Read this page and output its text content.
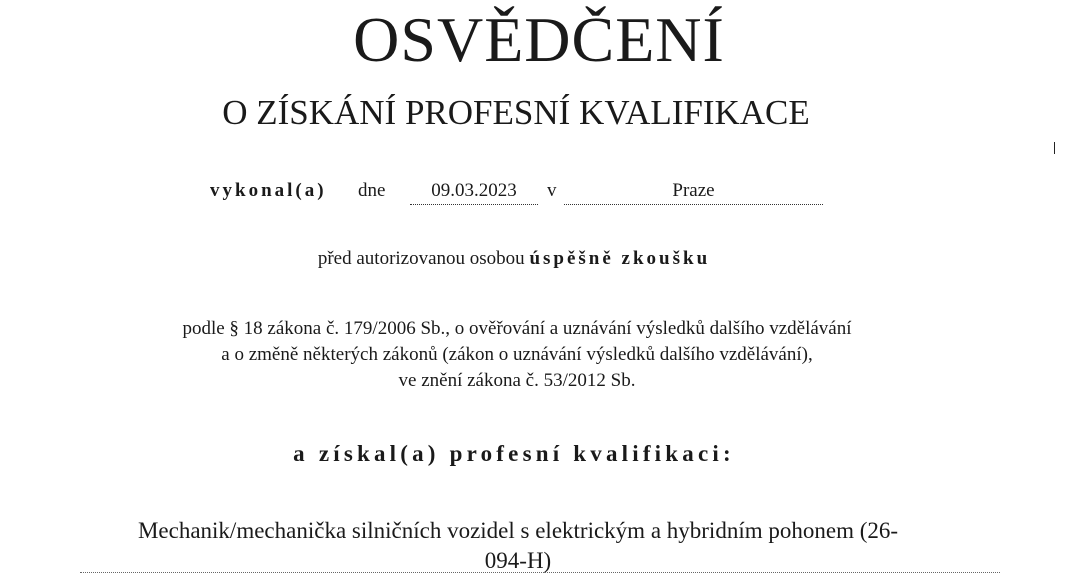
OSVĚDČENÍ
O ZÍSKÁNÍ PROFESNÍ KVALIFIKACE
vykonal(a) dne	09.03.2023	v	Praze
před autorizovanou osobou úspěšně zkoušku
podle § 18 zákona č. 179/2006 Sb., o ověřování a uznávání výsledků dalšího vzdělávání
a o změně některých zákonů (zákon o uznávání výsledků dalšího vzdělávání),
ve znění zákona č. 53/2012 Sb.
a získal(a) profesní kvalifikaci:
Mechanik/mechanička silničních vozidel s elektrickým a hybridním pohonem (26-
094-H)
